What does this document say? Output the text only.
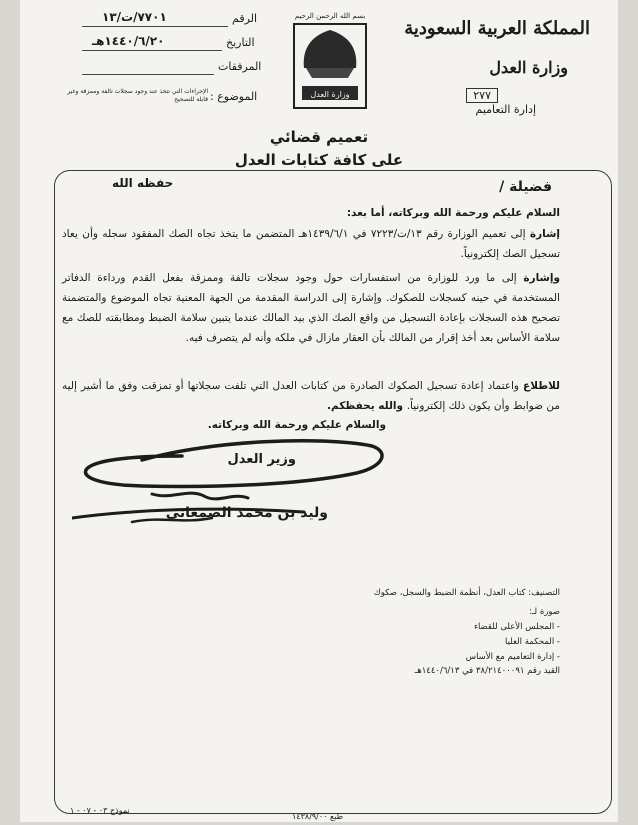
المملكة العربية السعودية
وزارة العدل
٢٧٧
إدارة التعاميم
بسم الله الرحمن الرحيم
وزارة العدل
الرقم
٧٧٠١/ت/١٣
التاريخ
١٤٤٠/٦/٢٠هـ
المرفقات
الموضوع :
الإجراءات التي تتخذ عند وجود سجلات تالفة وممزقة وغير قابلة للتصحيح
تعميم قضائي
على كافة كتابات العدل
حفظه الله	فضيلة /
السلام عليكم ورحمة الله وبركاته، أما بعد:
إشارة إلى تعميم الوزارة رقم ١٣/ت/٧٢٢٣ في ١٤٣٩/٦/١هـ المتضمن ما يتخذ تجاه الصك المفقود سجله وأن يعاد تسجيل الصك إلكترونياً.
وإشارة إلى ما ورد للوزارة من استفسارات حول وجود سجلات تالفة وممزقة بفعل القدم ورداءة الدفاتر المستخدمة في حينه كسجلات للصكوك. وإشارة إلى الدراسة المقدمة من الجهة المعنية تجاه الموضوع والمتضمنة تصحيح هذه السجلات بإعادة التسجيل من واقع الصك الذي بيد المالك عندما يتبين سلامة الضبط ومطابقته للصك مع سلامة الأساس بعد أخذ إقرار من المالك بأن العقار مازال في ملكه وأنه لم يتصرف فيه.
للاطلاع واعتماد إعادة تسجيل الصكوك الصادرة من كتابات العدل التي تلفت سجلاتها أو تمزقت وفق ما أشير إليه من ضوابط وأن يكون ذلك إلكترونياً. والله يحفظكم.
والسلام عليكم ورحمة الله وبركاته.
وزير العدل
وليد بن محمد الصمعاني
التصنيف: كتاب العدل، أنظمة الضبط والسجل، صكوك
صورة لـ:
- المجلس الأعلى للقضاء
- المحكمة العليا
- إدارة التعاميم مع الأساس
القيد رقم ٣٨/٢١٤٠٠٠٩١ في ١٤٤٠/٦/١٣هـ
نموذج ٠٣ - ٠٧ - ١
طبع ١٤٣٨/٩/٠٠
